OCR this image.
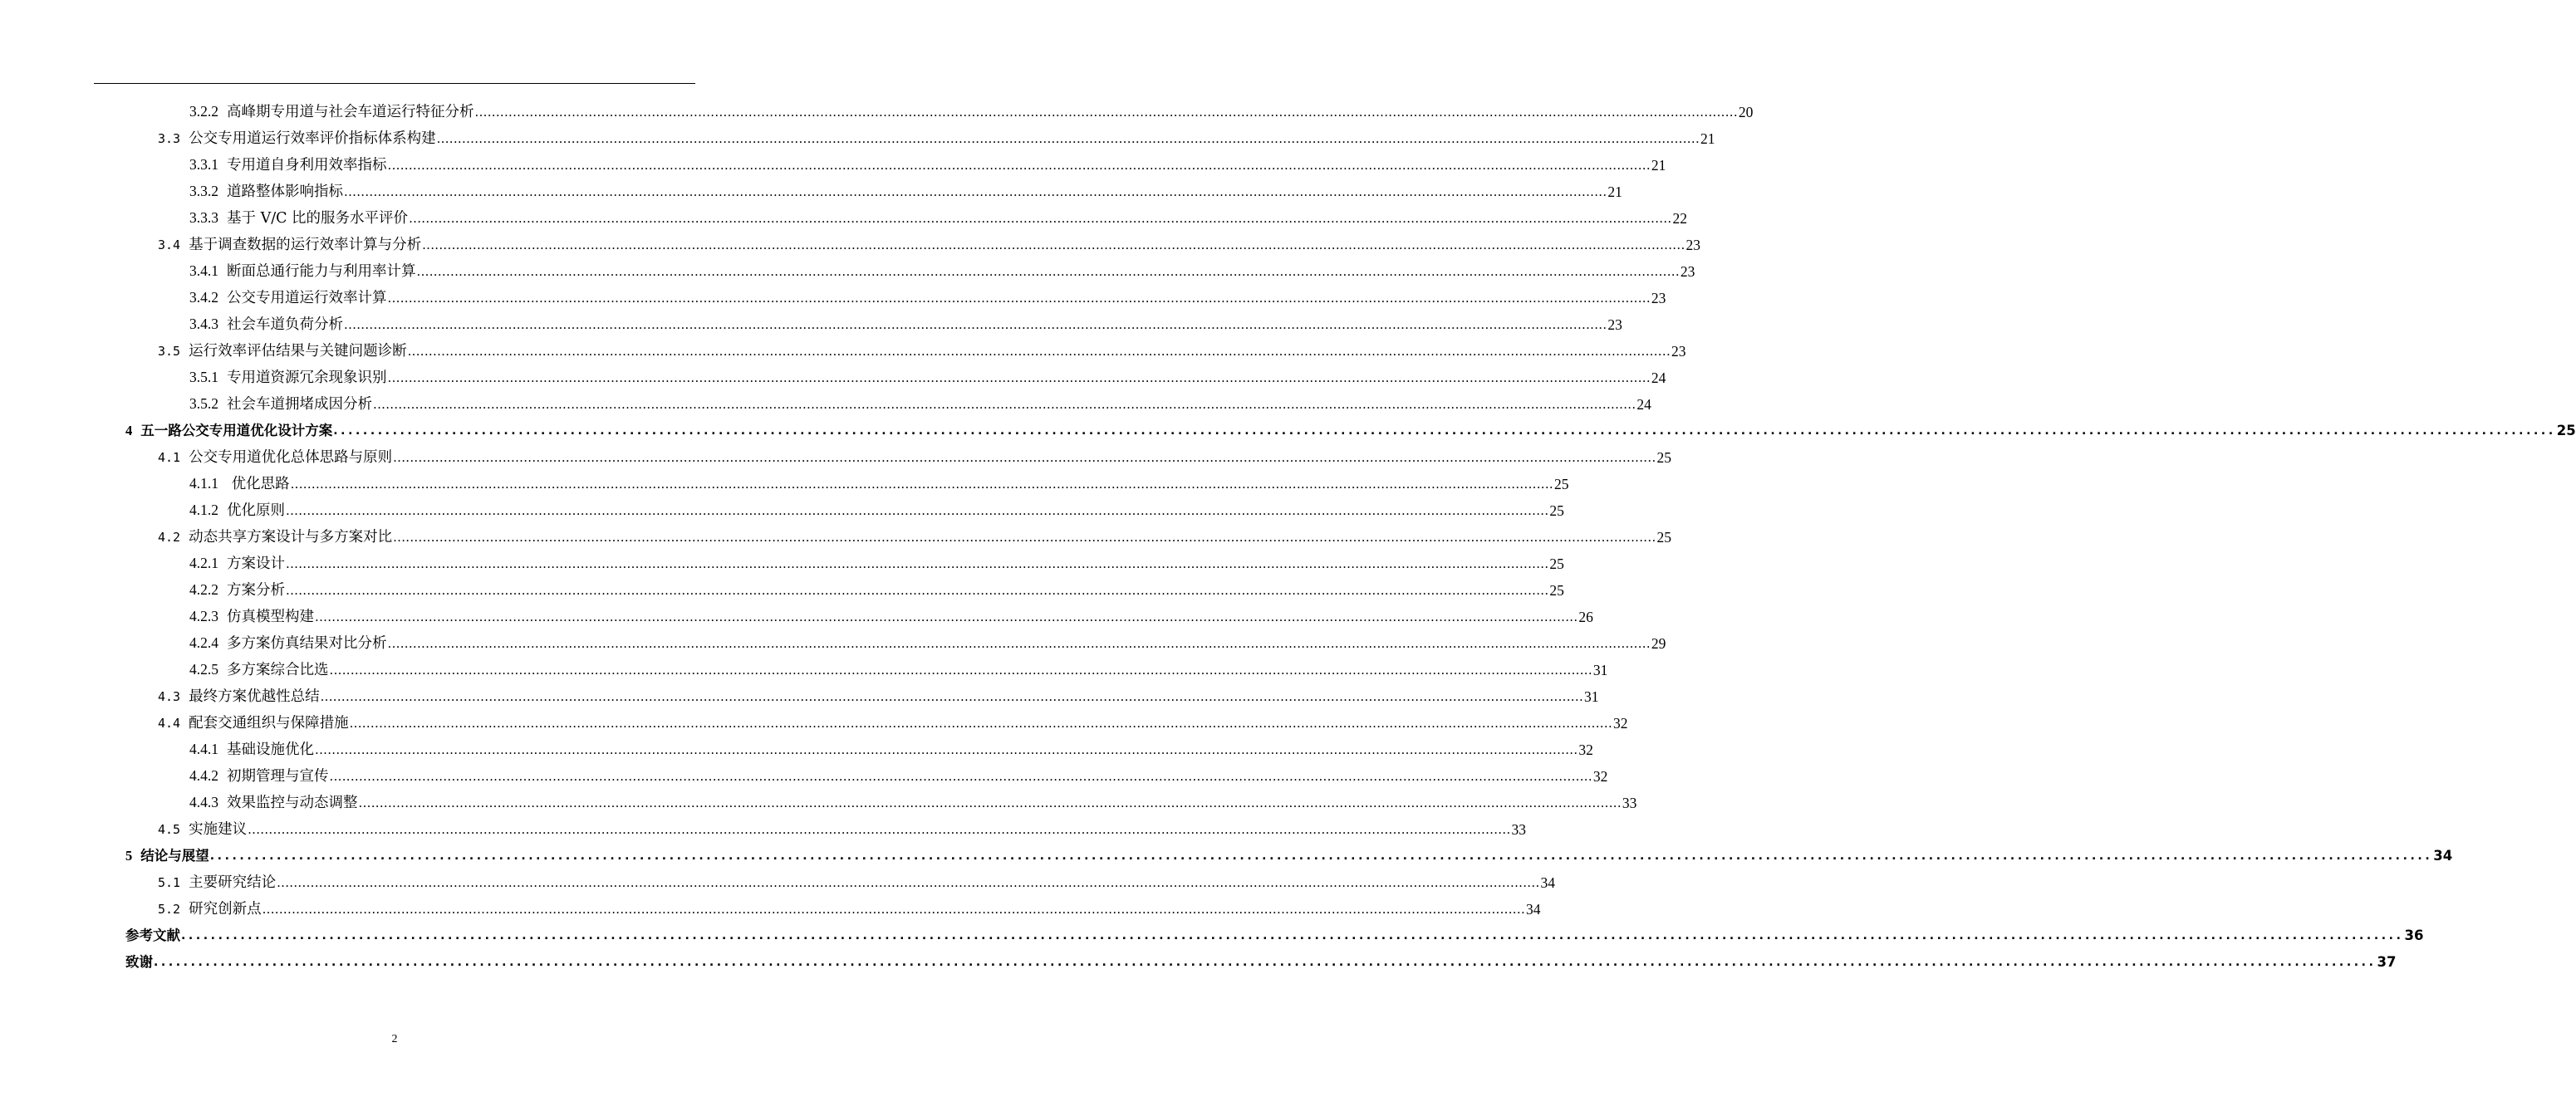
3.2.2 高峰期专用道与社会车道运行特征分析 ............................................................................................................................................................................................................................................................................................................ 20
3.3 公交专用道运行效率评价指标体系构建 ............................................................................................................................................................................................................................................................................................................ 21
3.3.1 专用道自身利用效率指标 ............................................................................................................................................................................................................................................................................................................ 21
3.3.2 道路整体影响指标 ............................................................................................................................................................................................................................................................................................................ 21
3.3.3 基于 V/C 比的服务水平评价 ............................................................................................................................................................................................................................................................................................................ 22
3.4 基于调查数据的运行效率计算与分析 ............................................................................................................................................................................................................................................................................................................ 23
3.4.1 断面总通行能力与利用率计算 ............................................................................................................................................................................................................................................................................................................ 23
3.4.2 公交专用道运行效率计算 ............................................................................................................................................................................................................................................................................................................ 23
3.4.3 社会车道负荷分析 ............................................................................................................................................................................................................................................................................................................ 23
3.5 运行效率评估结果与关键问题诊断 ............................................................................................................................................................................................................................................................................................................ 23
3.5.1 专用道资源冗余现象识别 ............................................................................................................................................................................................................................................................................................................ 24
3.5.2 社会车道拥堵成因分析 ............................................................................................................................................................................................................................................................................................................ 24
4 五一路公交专用道优化设计方案 ............................................................................................................................................................................................................................................................................................................ 25
4.1 公交专用道优化总体思路与原则 ............................................................................................................................................................................................................................................................................................................ 25
4.1.1 优化思路 ............................................................................................................................................................................................................................................................................................................ 25
4.1.2 优化原则 ............................................................................................................................................................................................................................................................................................................ 25
4.2 动态共享方案设计与多方案对比 ............................................................................................................................................................................................................................................................................................................ 25
4.2.1 方案设计 ............................................................................................................................................................................................................................................................................................................ 25
4.2.2 方案分析 ............................................................................................................................................................................................................................................................................................................ 25
4.2.3 仿真模型构建 ............................................................................................................................................................................................................................................................................................................ 26
4.2.4 多方案仿真结果对比分析 ............................................................................................................................................................................................................................................................................................................ 29
4.2.5 多方案综合比选 ............................................................................................................................................................................................................................................................................................................ 31
4.3 最终方案优越性总结 ............................................................................................................................................................................................................................................................................................................ 31
4.4 配套交通组织与保障措施 ............................................................................................................................................................................................................................................................................................................ 32
4.4.1 基础设施优化 ............................................................................................................................................................................................................................................................................................................ 32
4.4.2 初期管理与宣传 ............................................................................................................................................................................................................................................................................................................ 32
4.4.3 效果监控与动态调整 ............................................................................................................................................................................................................................................................................................................ 33
4.5 实施建议 ............................................................................................................................................................................................................................................................................................................ 33
5 结论与展望 ............................................................................................................................................................................................................................................................................................................ 34
5.1 主要研究结论 ............................................................................................................................................................................................................................................................................................................ 34
5.2 研究创新点 ............................................................................................................................................................................................................................................................................................................ 34
参考文献 ............................................................................................................................................................................................................................................................................................................ 36
致谢 ............................................................................................................................................................................................................................................................................................................ 37
2
